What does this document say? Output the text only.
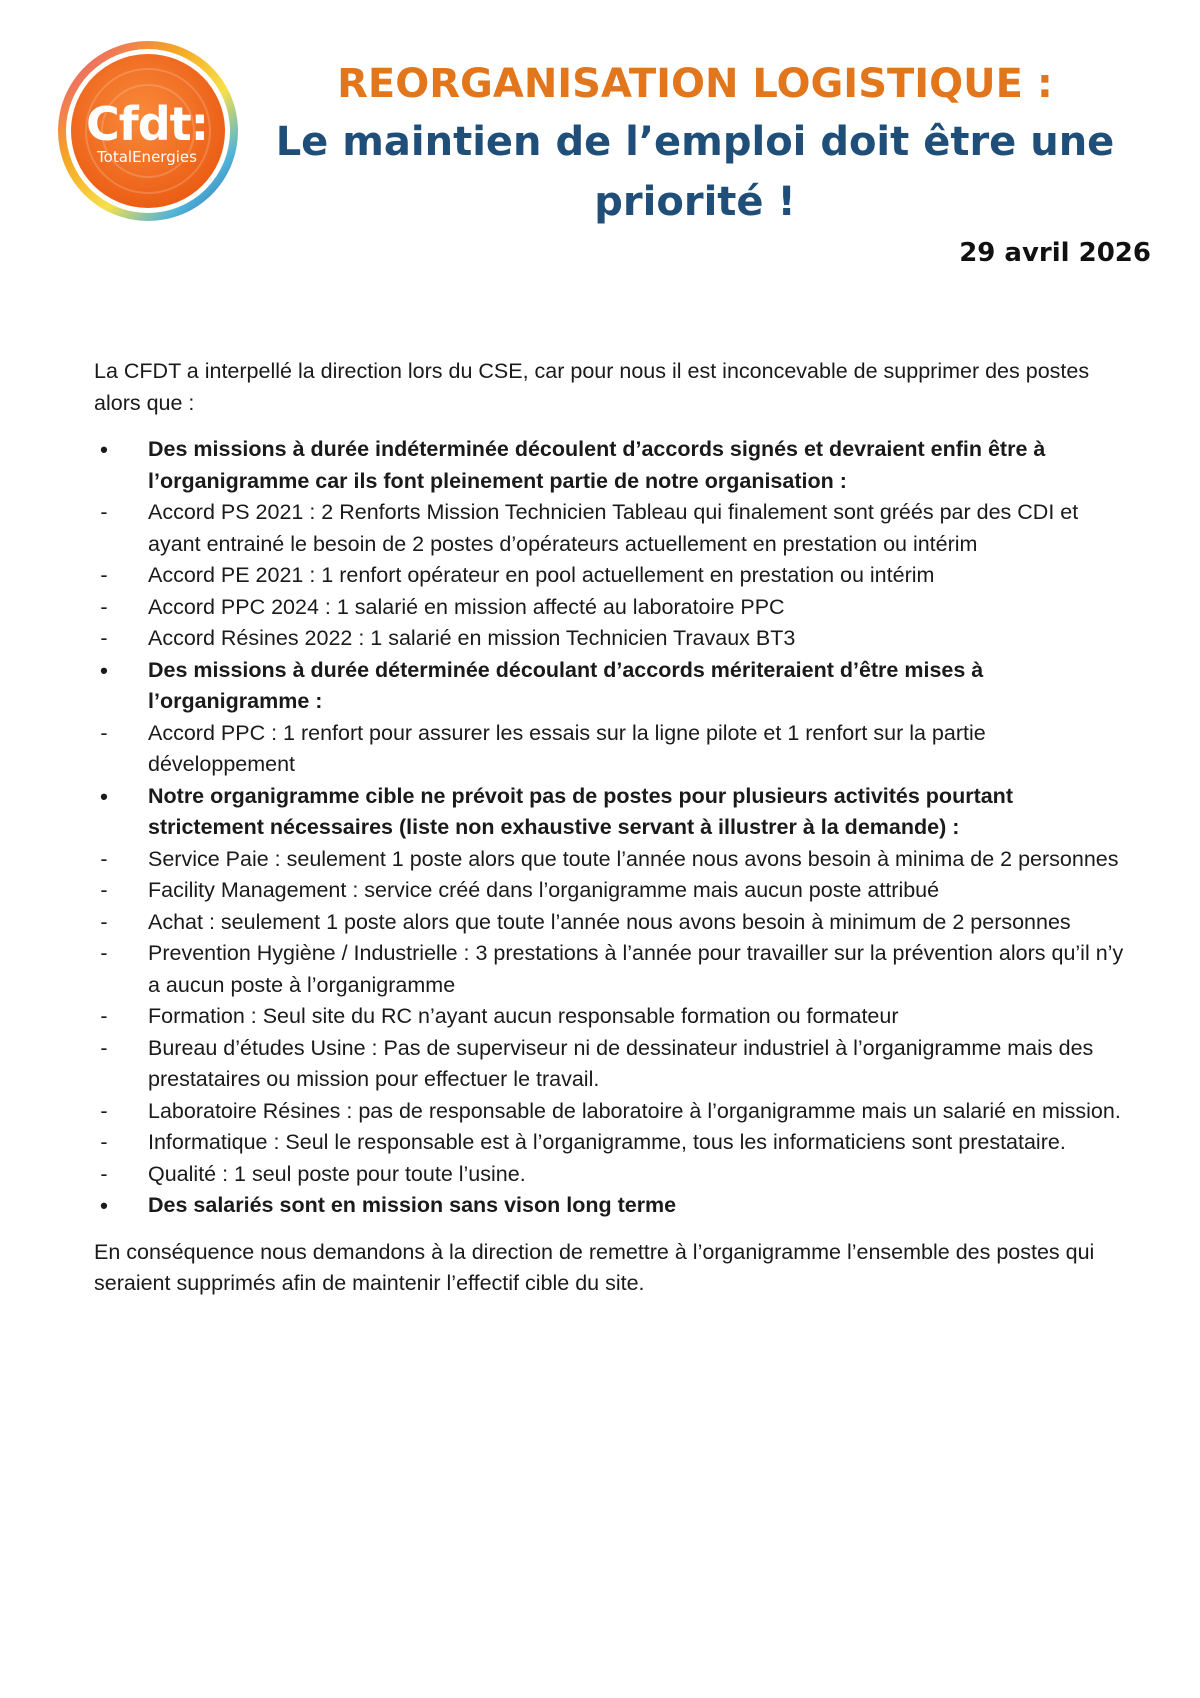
Cfdt:
TotalEnergies
REORGANISATION LOGISTIQUE :
Le maintien de l’emploi doit être une
priorité !
29 avril 2026

La CFDT a interpellé la direction lors du CSE, car pour nous il est inconcevable de supprimer des postes alors que :

• Des missions à durée indéterminée découlent d’accords signés et devraient enfin être à l’organigramme car ils font pleinement partie de notre organisation :
- Accord PS 2021 : 2 Renforts Mission Technicien Tableau qui finalement sont gréés par des CDI et ayant entrainé le besoin de 2 postes d’opérateurs actuellement en prestation ou intérim
- Accord PE 2021 : 1 renfort opérateur en pool actuellement en prestation ou intérim
- Accord PPC 2024 : 1 salarié en mission affecté au laboratoire PPC
- Accord Résines 2022 : 1 salarié en mission Technicien Travaux BT3
• Des missions à durée déterminée découlant d’accords mériteraient d’être mises à l’organigramme :
- Accord PPC : 1 renfort pour assurer les essais sur la ligne pilote et 1 renfort sur la partie développement
• Notre organigramme cible ne prévoit pas de postes pour plusieurs activités pourtant strictement nécessaires (liste non exhaustive servant à illustrer à la demande) :
- Service Paie : seulement 1 poste alors que toute l’année nous avons besoin à minima de 2 personnes
- Facility Management : service créé dans l’organigramme mais aucun poste attribué
- Achat : seulement 1 poste alors que toute l’année nous avons besoin à minimum de 2 personnes
- Prevention Hygiène / Industrielle : 3 prestations à l’année pour travailler sur la prévention alors qu’il n’y a aucun poste à l’organigramme
- Formation : Seul site du RC n’ayant aucun responsable formation ou formateur
- Bureau d’études Usine : Pas de superviseur ni de dessinateur industriel à l’organigramme mais des prestataires ou mission pour effectuer le travail.
- Laboratoire Résines : pas de responsable de laboratoire à l’organigramme mais un salarié en mission.
- Informatique : Seul le responsable est à l’organigramme, tous les informaticiens sont prestataire.
- Qualité : 1 seul poste pour toute l’usine.
• Des salariés sont en mission sans vison long terme

En conséquence nous demandons à la direction de remettre à l’organigramme l’ensemble des postes qui seraient supprimés afin de maintenir l’effectif cible du site.
